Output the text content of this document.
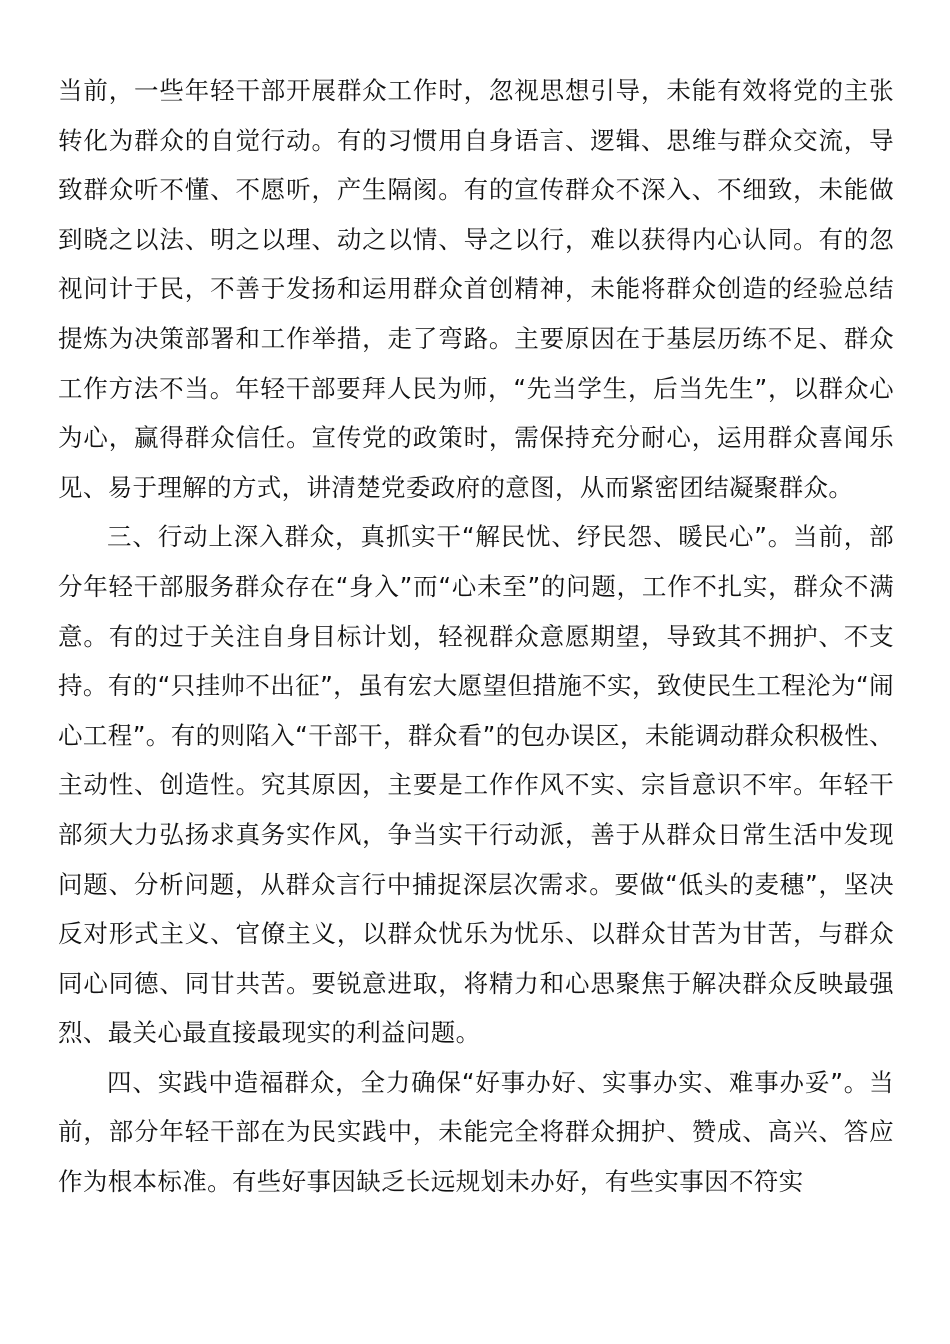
当前，一些年轻干部开展群众工作时，忽视思想引导，未能有效将党的主张转化为群众的自觉行动。有的习惯用自身语言、逻辑、思维与群众交流，导致群众听不懂、不愿听，产生隔阂。有的宣传群众不深入、不细致，未能做到晓之以法、明之以理、动之以情、导之以行，难以获得内心认同。有的忽视问计于民，不善于发扬和运用群众首创精神，未能将群众创造的经验总结提炼为决策部署和工作举措，走了弯路。主要原因在于基层历练不足、群众工作方法不当。年轻干部要拜人民为师，“先当学生，后当先生”，以群众心为心，赢得群众信任。宣传党的政策时，需保持充分耐心，运用群众喜闻乐见、易于理解的方式，讲清楚党委政府的意图，从而紧密团结凝聚群众。

三、行动上深入群众，真抓实干“解民忧、纾民怨、暖民心”。当前，部分年轻干部服务群众存在“身入”而“心未至”的问题，工作不扎实，群众不满意。有的过于关注自身目标计划，轻视群众意愿期望，导致其不拥护、不支持。有的“只挂帅不出征”，虽有宏大愿望但措施不实，致使民生工程沦为“闹心工程”。有的则陷入“干部干，群众看”的包办误区，未能调动群众积极性、主动性、创造性。究其原因，主要是工作作风不实、宗旨意识不牢。年轻干部须大力弘扬求真务实作风，争当实干行动派，善于从群众日常生活中发现问题、分析问题，从群众言行中捕捉深层次需求。要做“低头的麦穗”，坚决反对形式主义、官僚主义，以群众忧乐为忧乐、以群众甘苦为甘苦，与群众同心同德、同甘共苦。要锐意进取，将精力和心思聚焦于解决群众反映最强烈、最关心最直接最现实的利益问题。

四、实践中造福群众，全力确保“好事办好、实事办实、难事办妥”。当前，部分年轻干部在为民实践中，未能完全将群众拥护、赞成、高兴、答应作为根本标准。有些好事因缺乏长远规划未办好，有些实事因不符实
